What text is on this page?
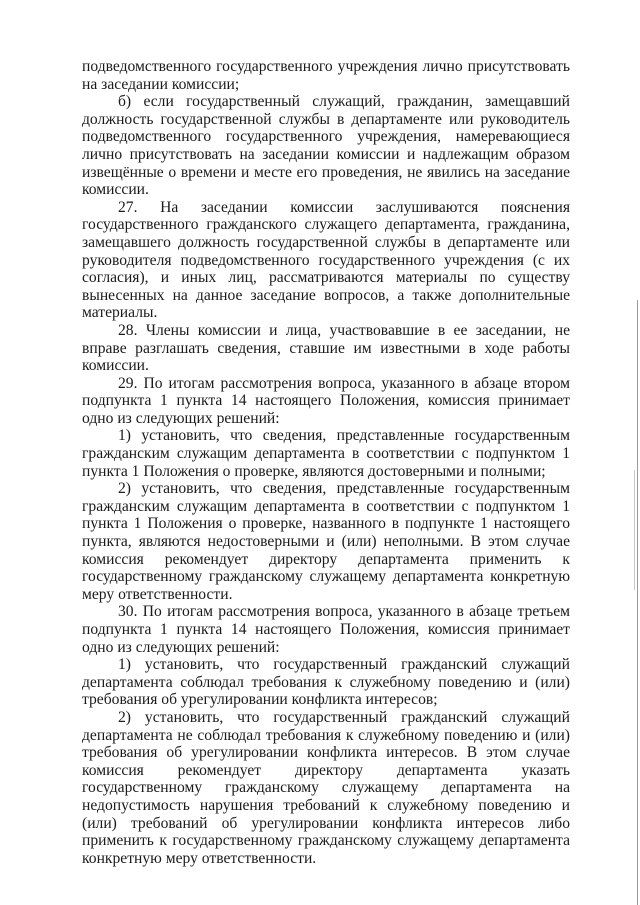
подведомственного государственного учреждения лично присутствовать на заседании комиссии;

б) если государственный служащий, гражданин, замещавший должность государственной службы в департаменте или руководитель подведомственного государственного учреждения, намеревающиеся лично присутствовать на заседании комиссии и надлежащим образом извещённые о времени и месте его проведения, не явились на заседание комиссии.

27. На заседании комиссии заслушиваются пояснения государственного гражданского служащего департамента, гражданина, замещавшего должность государственной службы в департаменте или руководителя подведомственного государственного учреждения (с их согласия), и иных лиц, рассматриваются материалы по существу вынесенных на данное заседание вопросов, а также дополнительные материалы.

28. Члены комиссии и лица, участвовавшие в ее заседании, не вправе разглашать сведения, ставшие им известными в ходе работы комиссии.

29. По итогам рассмотрения вопроса, указанного в абзаце втором подпункта 1 пункта 14 настоящего Положения, комиссия принимает одно из следующих решений:

1) установить, что сведения, представленные государственным гражданским служащим департамента в соответствии с подпунктом 1 пункта 1 Положения о проверке, являются достоверными и полными;

2) установить, что сведения, представленные государственным гражданским служащим департамента в соответствии с подпунктом 1 пункта 1 Положения о проверке, названного в подпункте 1 настоящего пункта, являются недостоверными и (или) неполными. В этом случае комиссия рекомендует директору департамента применить к государственному гражданскому служащему департамента конкретную меру ответственности.

30. По итогам рассмотрения вопроса, указанного в абзаце третьем подпункта 1 пункта 14 настоящего Положения, комиссия принимает одно из следующих решений:

1) установить, что государственный гражданский служащий департамента соблюдал требования к служебному поведению и (или) требования об урегулировании конфликта интересов;

2) установить, что государственный гражданский служащий департамента не соблюдал требования к служебному поведению и (или) требования об урегулировании конфликта интересов. В этом случае комиссия рекомендует директору департамента указать государственному гражданскому служащему департамента на недопустимость нарушения требований к служебному поведению и (или) требований об урегулировании конфликта интересов либо применить к государственному гражданскому служащему департамента конкретную меру ответственности.
